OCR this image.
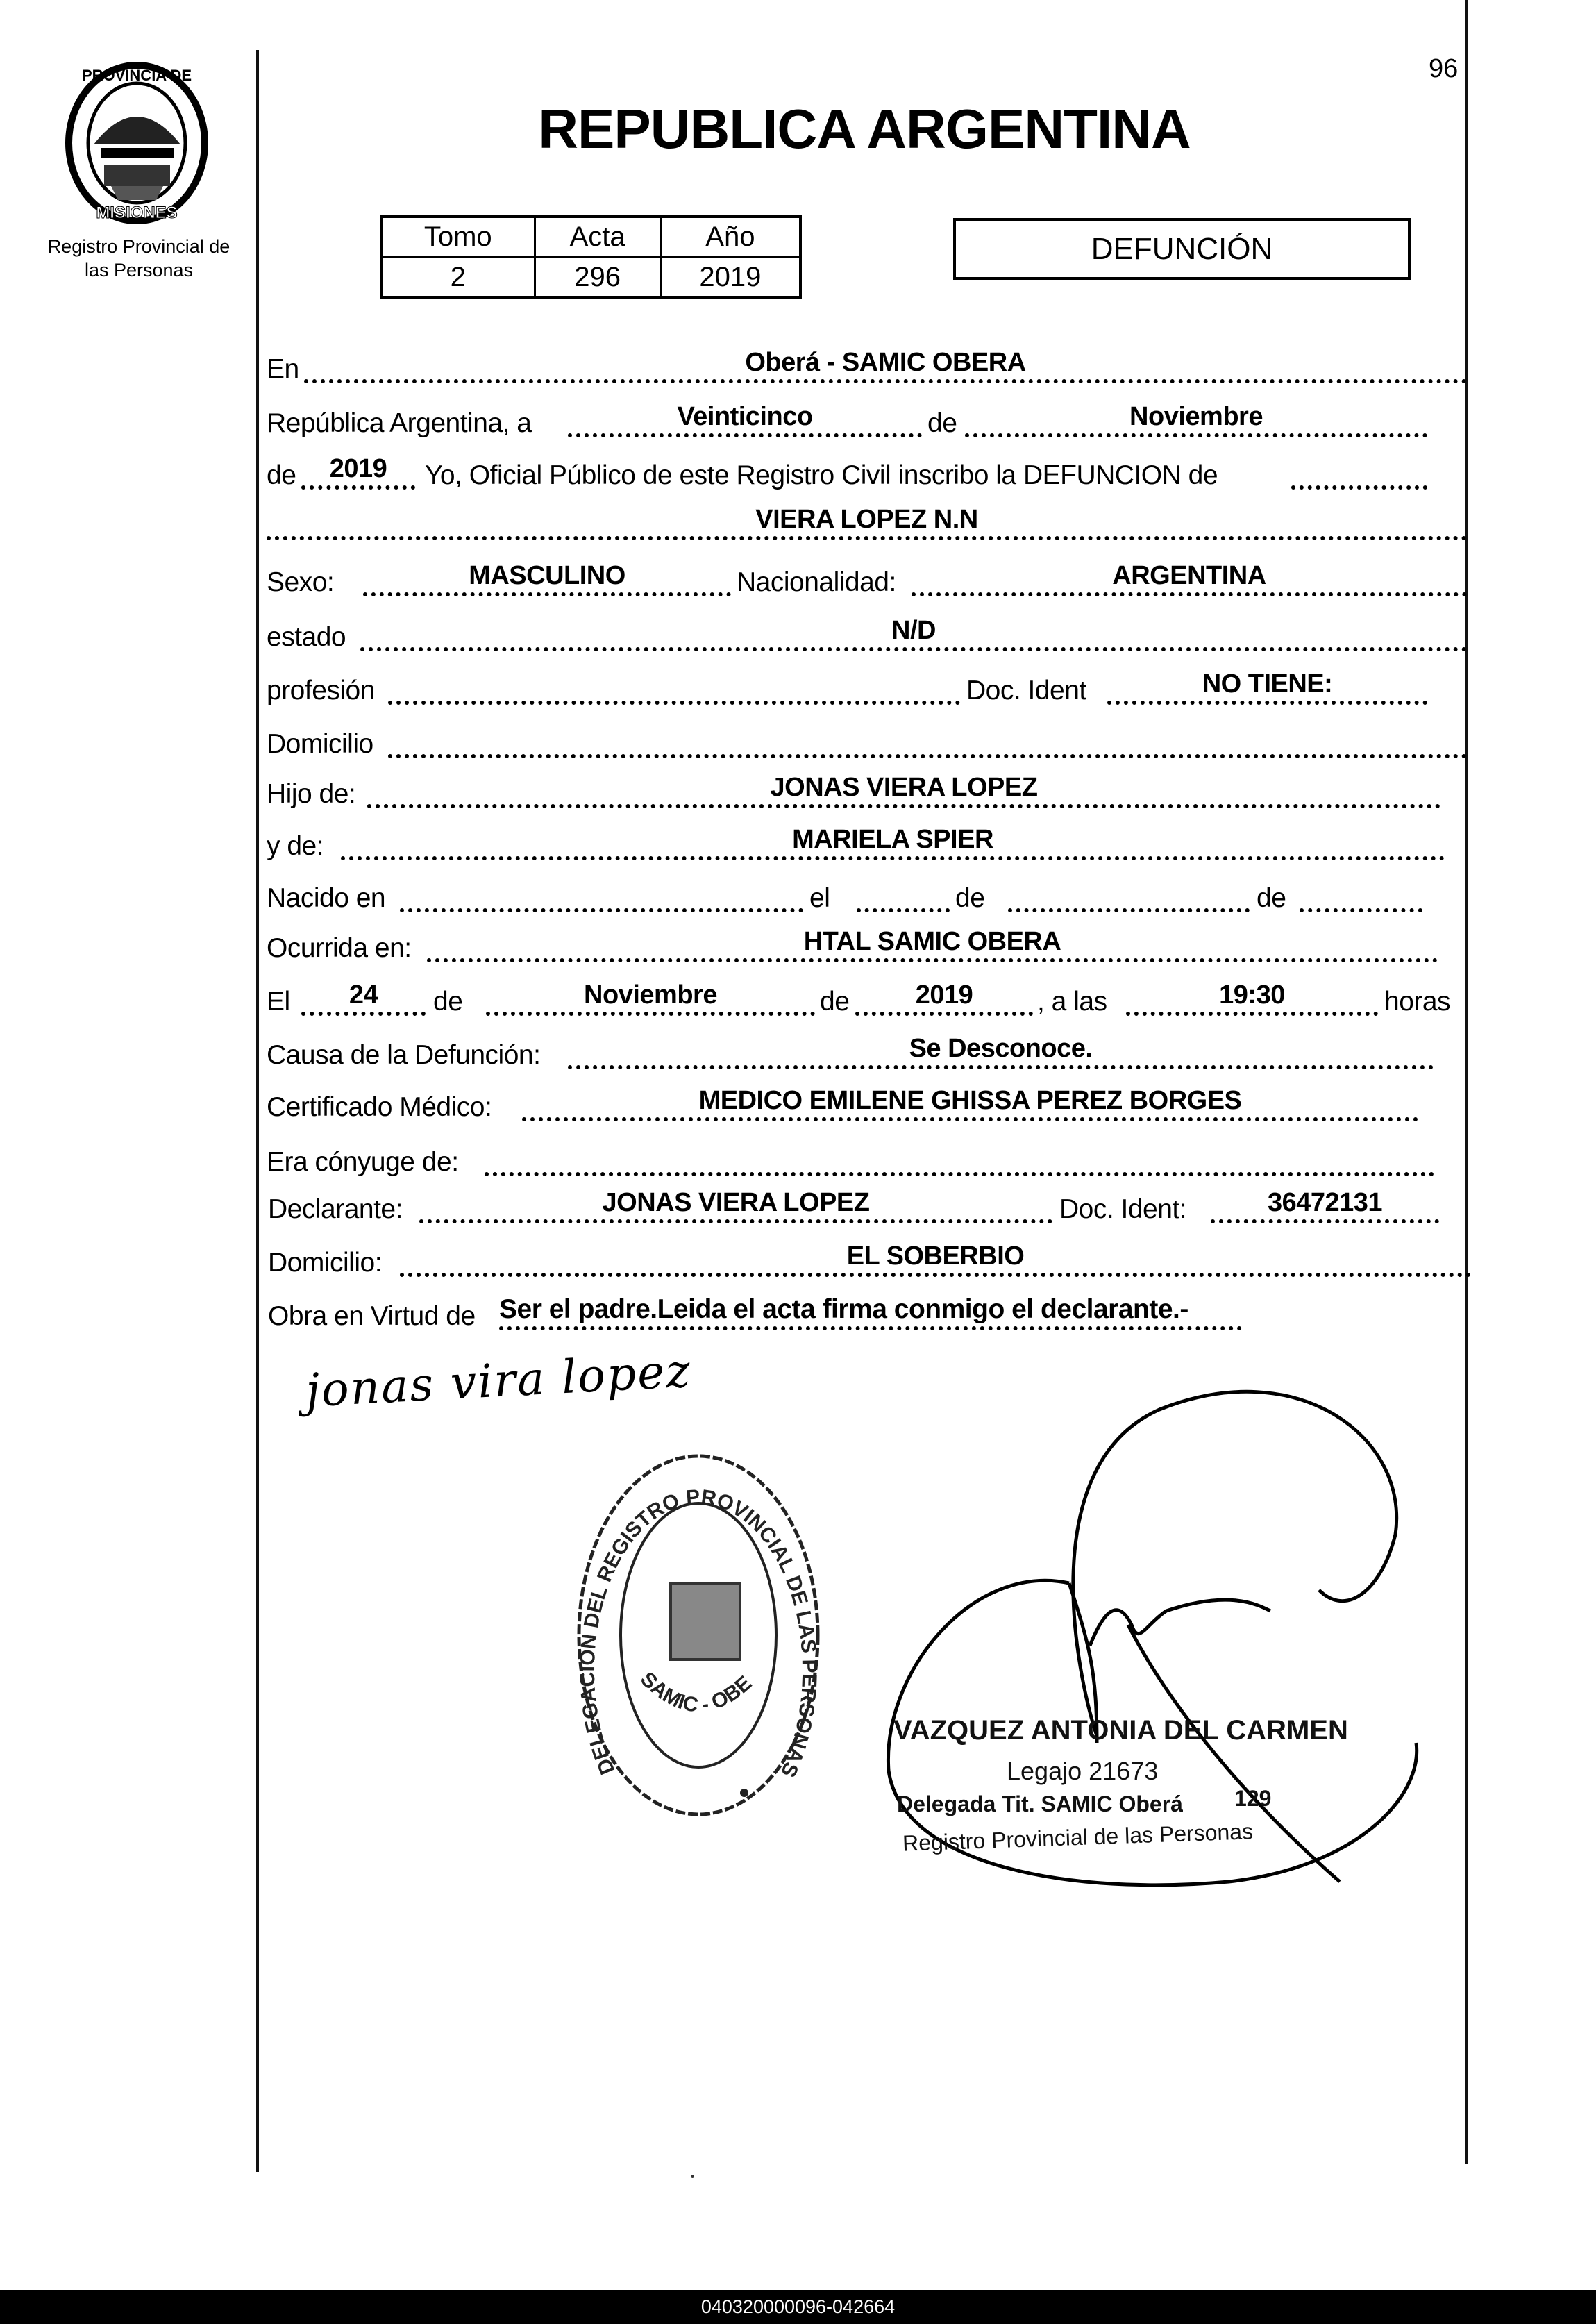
PROVINCIA DE
MISIONES
Registro Provincial de
las Personas
96
REPUBLICA ARGENTINA
Tomo	Acta	Año
2	296	2019
DEFUNCIÓN
En	Oberá - SAMIC OBERA
República Argentina, a	Veinticinco	de	Noviembre
de	2019	Yo, Oficial Público de este Registro Civil inscribo la DEFUNCION de
VIERA LOPEZ N.N
Sexo:	MASCULINO	Nacionalidad:	ARGENTINA
estado	N/D
profesión	Doc. Ident	NO TIENE:
Domicilio
Hijo de:	JONAS VIERA LOPEZ
y de:	MARIELA SPIER
Nacido en	el	de	de
Ocurrida en:	HTAL SAMIC OBERA
El	24	de	Noviembre	de	2019	, a las	19:30	horas
Causa de la Defunción:	Se Desconoce.
Certificado Médico:	MEDICO EMILENE GHISSA PEREZ BORGES
Era cónyuge de:
Declarante:	JONAS VIERA LOPEZ	Doc. Ident:	36472131
Domicilio:	EL SOBERBIO
Obra en Virtud de Ser el padre.Leida el acta firma conmigo el declarante.-
jonas vira lopez
DELEGACION DEL REGISTRO PROVINCIAL DE LAS PERSONAS
SAMIC - OBE
VAZQUEZ ANTONIA DEL CARMEN
Legajo 21673
Delegada Tit. SAMIC Oberá 129
Registro Provincial de las Personas
040320000096-042664
